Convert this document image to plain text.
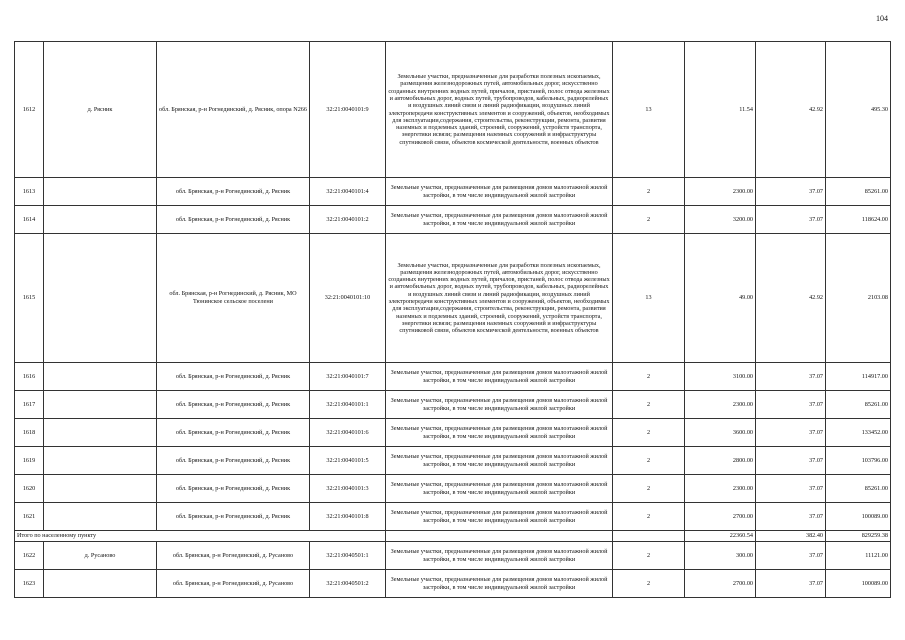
104
1612	д. Рясник	обл. Брянская, р-н Рогнединский, д. Рясник, опора N266	32:21:0040101:9	Земельные участки, предназначенные для разработки полезных ископаемых, размещения железнодорожных путей, автомобильных дорог, искусственно созданных внутренних водных путей, причалов, пристаней, полос отвода железных и автомобильных дорог, водных путей, трубопроводов, кабельных, радиорелейных и воздушных линий связи и линий радиофикации, воздушных линий электропередачи конструктивных элементов и сооружений, объектов, необходимых для эксплуатации,содержания, строительства, реконструкции, ремонта, развития наземных и подземных зданий, строений, сооружений, устройств транспорта, энергетики исвязи; размещения наземных сооружений и инфраструктуры спутниковой связи, объектов космической деятельности, военных объектов	13	11.54	42.92	495.30
1613		обл. Брянская, р-н Рогнединский, д. Рясник	32:21:0040101:4	Земельные участки, предназначенные для размещения домов малоэтажной жилой застройки, в том числе индивидуальной жилой застройки	2	2300.00	37.07	85261.00
1614		обл. Брянская, р-н Рогнединский, д. Рясник	32:21:0040101:2	Земельные участки, предназначенные для размещения домов малоэтажной жилой застройки, в том числе индивидуальной жилой застройки	2	3200.00	37.07	118624.00
1615		обл. Брянская, р-н Рогнединский, д. Рясник, МО Тюнинское сельское поселени	32:21:0040101:10	Земельные участки, предназначенные для разработки полезных ископаемых, размещения железнодорожных путей, автомобильных дорог, искусственно созданных внутренних водных путей, причалов, пристаней, полос отвода железных и автомобильных дорог, водных путей, трубопроводов, кабельных, радиорелейных и воздушных линий связи и линий радиофикации, воздушных линий электропередачи конструктивных элементов и сооружений, объектов, необходимых для эксплуатации,содержания, строительства, реконструкции, ремонта, развития наземных и подземных зданий, строений, сооружений, устройств транспорта, энергетики исвязи; размещения наземных сооружений и инфраструктуры спутниковой связи, объектов космической деятельности, военных объектов	13	49.00	42.92	2103.08
1616		обл. Брянская, р-н Рогнединский, д. Рясник	32:21:0040101:7	Земельные участки, предназначенные для размещения домов малоэтажной жилой застройки, в том числе индивидуальной жилой застройки	2	3100.00	37.07	114917.00
1617		обл. Брянская, р-н Рогнединский, д. Рясник	32:21:0040101:1	Земельные участки, предназначенные для размещения домов малоэтажной жилой застройки, в том числе индивидуальной жилой застройки	2	2300.00	37.07	85261.00
1618		обл. Брянская, р-н Рогнединский, д. Рясник	32:21:0040101:6	Земельные участки, предназначенные для размещения домов малоэтажной жилой застройки, в том числе индивидуальной жилой застройки	2	3600.00	37.07	133452.00
1619		обл. Брянская, р-н Рогнединский, д. Рясник	32:21:0040101:5	Земельные участки, предназначенные для размещения домов малоэтажной жилой застройки, в том числе индивидуальной жилой застройки	2	2800.00	37.07	103796.00
1620		обл. Брянская, р-н Рогнединский, д. Рясник	32:21:0040101:3	Земельные участки, предназначенные для размещения домов малоэтажной жилой застройки, в том числе индивидуальной жилой застройки	2	2300.00	37.07	85261.00
1621		обл. Брянская, р-н Рогнединский, д. Рясник	32:21:0040101:8	Земельные участки, предназначенные для размещения домов малоэтажной жилой застройки, в том числе индивидуальной жилой застройки	2	2700.00	37.07	100089.00
Итого по населенному пункту						22360.54	382.40	829259.38
1622	д. Русаново	обл. Брянская, р-н Рогнединский, д. Русаново	32:21:0040501:1	Земельные участки, предназначенные для размещения домов малоэтажной жилой застройки, в том числе индивидуальной жилой застройки	2	300.00	37.07	11121.00
1623		обл. Брянская, р-н Рогнединский, д. Русаново	32:21:0040501:2	Земельные участки, предназначенные для размещения домов малоэтажной жилой застройки, в том числе индивидуальной жилой застройки	2	2700.00	37.07	100089.00
